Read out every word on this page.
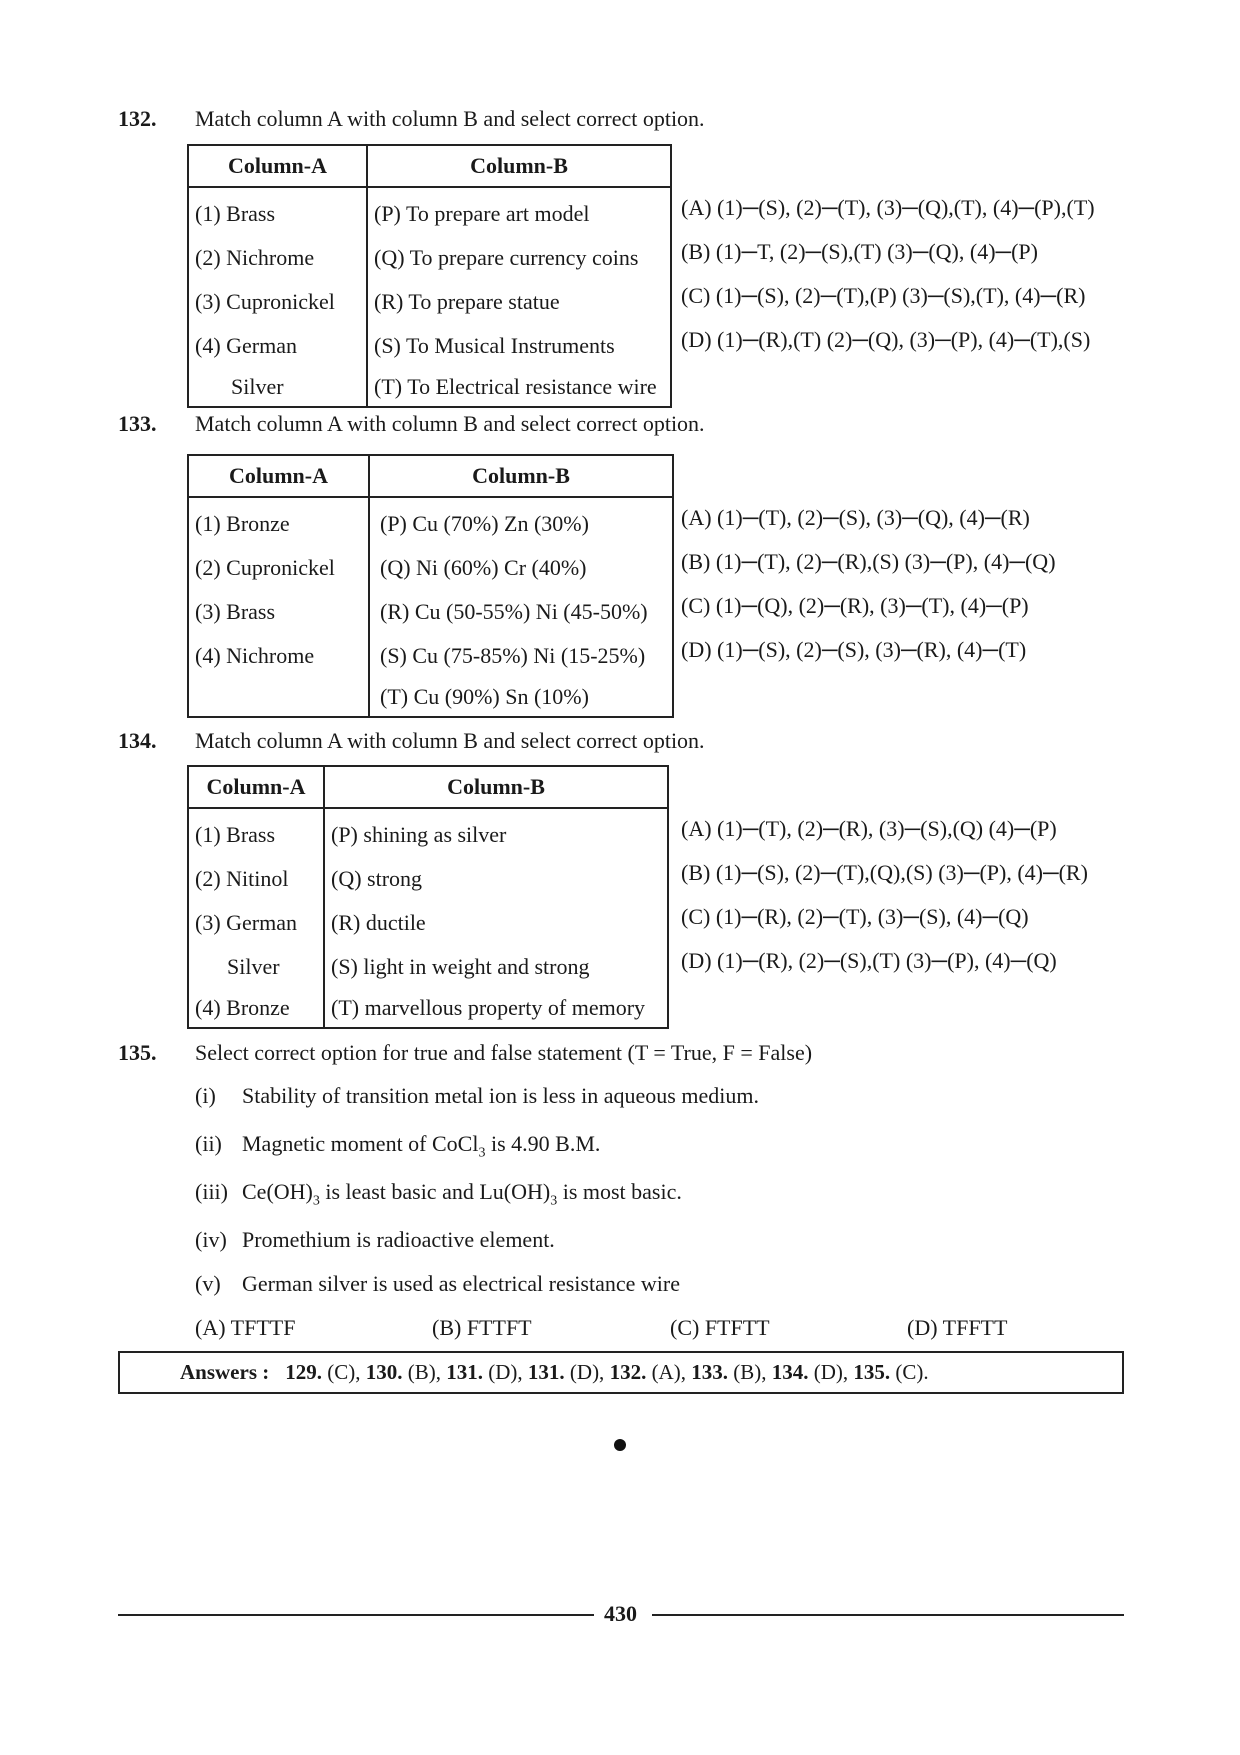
132. Match column A with column B and select correct option.
Column-A	Column-B
(1) Brass	(P) To prepare art model
(2) Nichrome	(Q) To prepare currency coins
(3) Cupronickel	(R) To prepare statue
(4) German	(S) To Musical Instruments
Silver	(T) To Electrical resistance wire
(A) (1)─(S), (2)─(T), (3)─(Q),(T), (4)─(P),(T)
(B) (1)─T, (2)─(S),(T) (3)─(Q), (4)─(P)
(C) (1)─(S), (2)─(T),(P) (3)─(S),(T), (4)─(R)
(D) (1)─(R),(T) (2)─(Q), (3)─(P), (4)─(T),(S)
133. Match column A with column B and select correct option.
Column-A	Column-B
(1) Bronze	(P) Cu (70%) Zn (30%)
(2) Cupronickel	(Q) Ni (60%) Cr (40%)
(3) Brass	(R) Cu (50-55%) Ni (45-50%)
(4) Nichrome	(S) Cu (75-85%) Ni (15-25%)
	(T) Cu (90%) Sn (10%)
(A) (1)─(T), (2)─(S), (3)─(Q), (4)─(R)
(B) (1)─(T), (2)─(R),(S) (3)─(P), (4)─(Q)
(C) (1)─(Q), (2)─(R), (3)─(T), (4)─(P)
(D) (1)─(S), (2)─(S), (3)─(R), (4)─(T)
134. Match column A with column B and select correct option.
Column-A	Column-B
(1) Brass	(P) shining as silver
(2) Nitinol	(Q) strong
(3) German	(R) ductile
Silver	(S) light in weight and strong
(4) Bronze	(T) marvellous property of memory
(A) (1)─(T), (2)─(R), (3)─(S),(Q) (4)─(P)
(B) (1)─(S), (2)─(T),(Q),(S) (3)─(P), (4)─(R)
(C) (1)─(R), (2)─(T), (3)─(S), (4)─(Q)
(D) (1)─(R), (2)─(S),(T) (3)─(P), (4)─(Q)
135. Select correct option for true and false statement (T = True, F = False)
(i) Stability of transition metal ion is less in aqueous medium.
(ii) Magnetic moment of CoCl$_3$ is 4.90 B.M.
(iii) $Ce(OH)_3$ is least basic and $Lu(OH)_3$ is most basic.
(iv) Promethium is radioactive element.
(v) German silver is used as electrical resistance wire
(A) TFTTF	(B) FTTFT	(C) FTFTT	(D) TFFTT
Answers : 129. (C), 130. (B), 131. (D), 131. (D), 132. (A), 133. (B), 134. (D), 135. (C).
430
